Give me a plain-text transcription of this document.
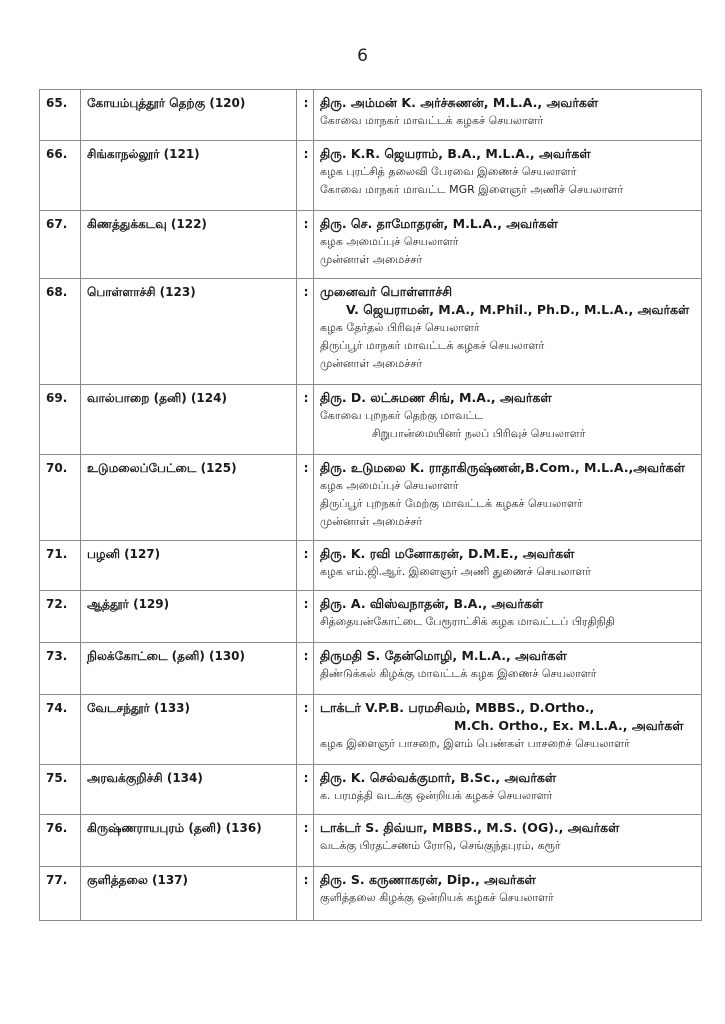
6
65.	கோயம்புத்தூர் தெற்கு (120)	:	திரு. அம்மன் K. அர்ச்சுணன், M.L.A., அவர்கள்
கோவை மாநகர் மாவட்டக் கழகச் செயலாளர்

66.	சிங்காநல்லூர் (121)	:	திரு. K.R. ஜெயராம், B.A., M.L.A., அவர்கள்
கழக புரட்சித் தலைவி பேரவை இணைச் செயலாளர்
கோவை மாநகர் மாவட்ட MGR இளைஞர் அணிச் செயலாளர்

67.	கிணத்துக்கடவு (122)	:	திரு. செ. தாமோதரன், M.L.A., அவர்கள்
கழக அமைப்புச் செயலாளர்
முன்னாள் அமைச்சர்

68.	பொள்ளாச்சி (123)	:	முனைவர் பொள்ளாச்சி
V. ஜெயராமன், M.A., M.Phil., Ph.D., M.L.A., அவர்கள்
கழக தேர்தல் பிரிவுச் செயலாளர்
திருப்பூர் மாநகர் மாவட்டக் கழகச் செயலாளர்
முன்னாள் அமைச்சர்

69.	வால்பாறை (தனி) (124)	:	திரு. D. லட்சுமண சிங், M.A., அவர்கள்
கோவை புறநகர் தெற்கு மாவட்ட
சிறுபான்மையினர் நலப் பிரிவுச் செயலாளர்

70.	உடுமலைப்பேட்டை (125)	:	திரு. உடுமலை K. ராதாகிருஷ்ணன்,B.Com., M.L.A.,அவர்கள்
கழக அமைப்புச் செயலாளர்
திருப்பூர் புறநகர் மேற்கு மாவட்டக் கழகச் செயலாளர்
முன்னாள் அமைச்சர்

71.	பழனி (127)	:	திரு. K. ரவி மனோகரன், D.M.E., அவர்கள்
கழக எம்.ஜி.ஆர். இளைஞர் அணி துணைச் செயலாளர்

72.	ஆத்தூர் (129)	:	திரு. A. விஸ்வநாதன், B.A., அவர்கள்
சித்தையன்கோட்டை பேரூராட்சிக் கழக மாவட்டப் பிரதிநிதி

73.	நிலக்கோட்டை (தனி) (130)	:	திருமதி S. தேன்மொழி, M.L.A., அவர்கள்
திண்டுக்கல் கிழக்கு மாவட்டக் கழக இணைச் செயலாளர்

74.	வேடசந்தூர் (133)	:	டாக்டர் V.P.B. பரமசிவம், MBBS., D.Ortho.,
M.Ch. Ortho., Ex. M.L.A., அவர்கள்
கழக இளைஞர் பாசறை, இளம் பெண்கள் பாசறைச் செயலாளர்

75.	அரவக்குறிச்சி (134)	:	திரு. K. செல்வக்குமார், B.Sc., அவர்கள்
க. பரமத்தி வடக்கு ஒன்றியக் கழகச் செயலாளர்

76.	கிருஷ்ணராயபுரம் (தனி) (136)	:	டாக்டர் S. திவ்யா, MBBS., M.S. (OG)., அவர்கள்
வடக்கு பிரதட்சணம் ரோடு, செங்குந்தபுரம், கரூர்

77.	குளித்தலை (137)	:	திரு. S. கருணாகரன், Dip., அவர்கள்
குளித்தலை கிழக்கு ஒன்றியக் கழகச் செயலாளர்
